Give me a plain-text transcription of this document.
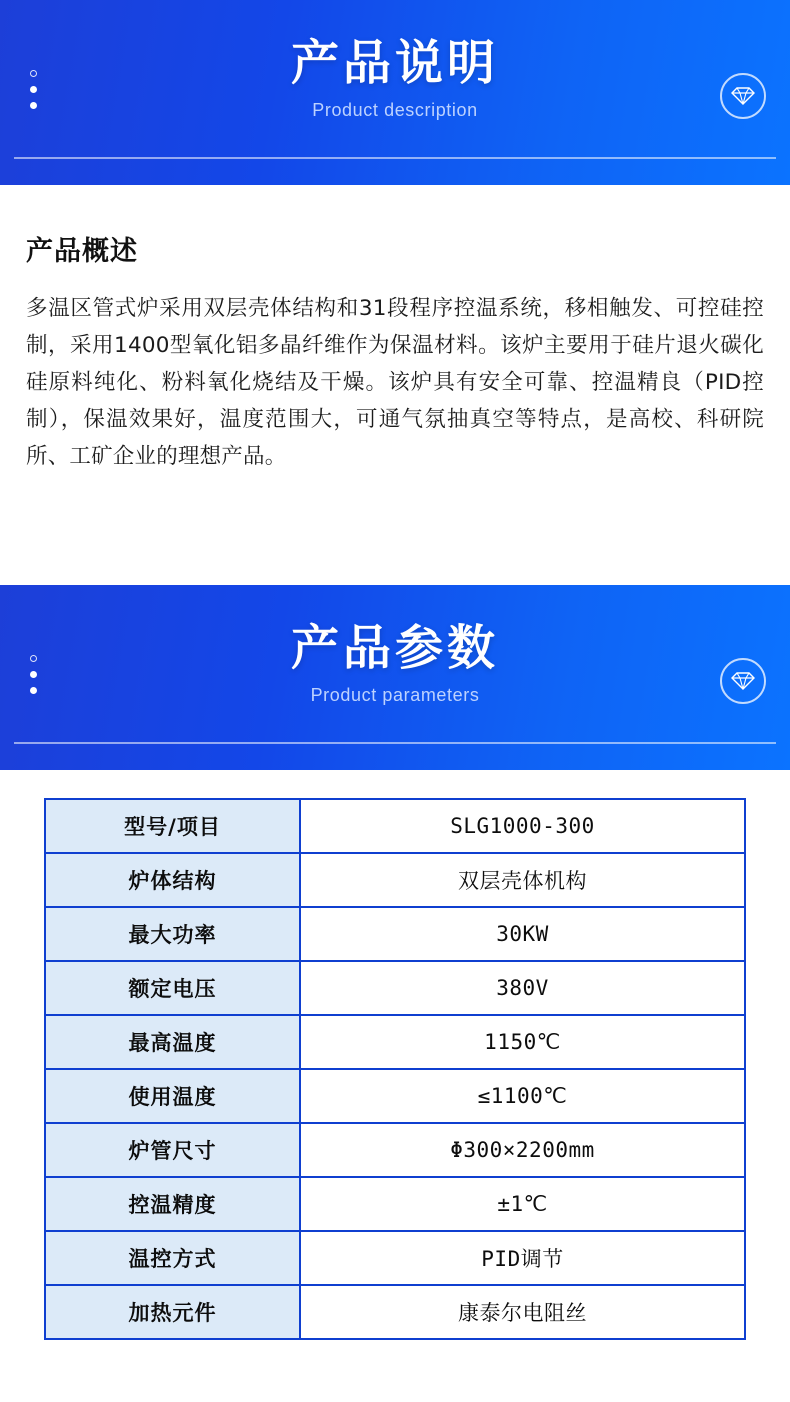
产品说明
Product description
产品概述
多温区管式炉采用双层壳体结构和31段程序控温系统，移相触发、可控硅控制，采用1400型氧化铝多晶纤维作为保温材料。该炉主要用于硅片退火碳化硅原料纯化、粉料氧化烧结及干燥。该炉具有安全可靠、控温精良（PID控制），保温效果好，温度范围大，可通气氛抽真空等特点，是高校、科研院所、工矿企业的理想产品。
产品参数
Product parameters
型号/项目	SLG1000-300
炉体结构	双层壳体机构
最大功率	30KW
额定电压	380V
最高温度	1150℃
使用温度	≤1100℃
炉管尺寸	Φ300×2200mm
控温精度	±1℃
温控方式	PID调节
加热元件	康泰尔电阻丝
